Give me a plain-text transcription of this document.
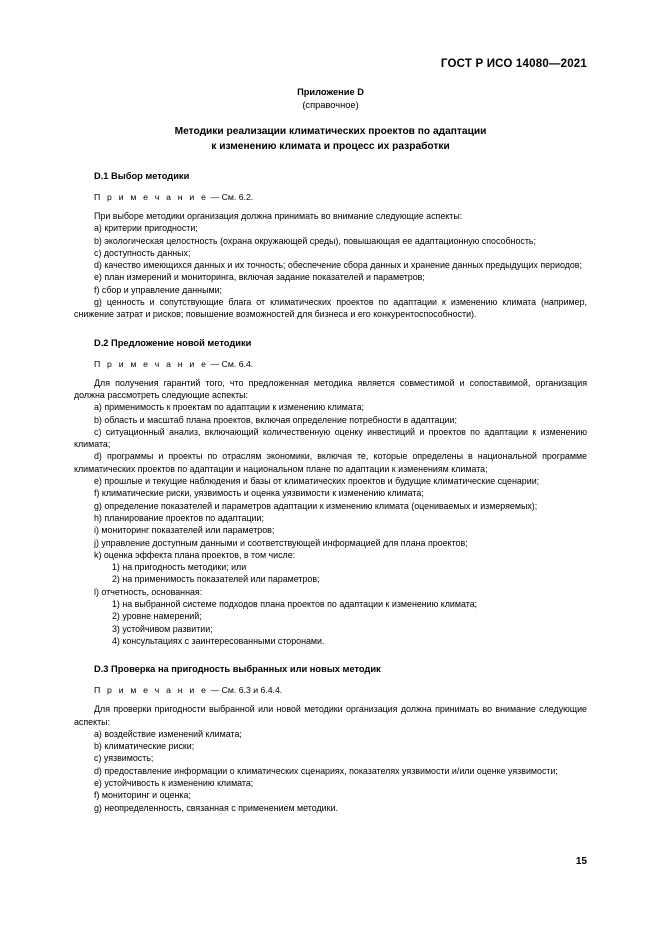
ГОСТ Р ИСО 14080—2021
Приложение D
(справочное)
Методики реализации климатических проектов по адаптации
к изменению климата и процесс их разработки
D.1 Выбор методики
П р и м е ч а н и е — См. 6.2.

При выборе методики организация должна принимать во внимание следующие аспекты:

a) критерии пригодности;

b) экологическая целостность (охрана окружающей среды), повышающая ее адаптационную способность;

c) доступность данных;

d) качество имеющихся данных и их точность; обеспечение сбора данных и хранение данных предыдущих периодов;

e) план измерений и мониторинга, включая задание показателей и параметров;

f) сбор и управление данными;

g) ценность и сопутствующие блага от климатических проектов по адаптации к изменению климата (например, снижение затрат и рисков; повышение возможностей для бизнеса и его конкурентоспособности).

D.2 Предложение новой методики
П р и м е ч а н и е — См. 6.4.

Для получения гарантий того, что предложенная методика является совместимой и сопоставимой, организация должна рассмотреть следующие аспекты:

a) применимость к проектам по адаптации к изменению климата;

b) область и масштаб плана проектов, включая определение потребности в адаптации;

c) ситуационный анализ, включающий количественную оценку инвестиций и проектов по адаптации к изменению климата;

d) программы и проекты по отраслям экономики, включая те, которые определены в национальной программе климатических проектов по адаптации и национальном плане по адаптации к изменениям климата;

e) прошлые и текущие наблюдения и базы от климатических проектов и будущие климатические сценарии;

f) климатические риски, уязвимость и оценка уязвимости к изменению климата;

g) определение показателей и параметров адаптации к изменению климата (оцениваемых и измеряемых);

h) планирование проектов по адаптации;

i) мониторинг показателей или параметров;

j) управление доступным данными и соответствующей информацией для плана проектов;

k) оценка эффекта плана проектов, в том числе:

1) на пригодность методики; или

2) на применимость показателей или параметров;

l) отчетность, основанная:

1) на выбранной системе подходов плана проектов по адаптации к изменению климата;

2) уровне намерений;

3) устойчивом развитии;

4) консультациях с заинтересованными сторонами.

D.3 Проверка на пригодность выбранных или новых методик
П р и м е ч а н и е — См. 6.3 и 6.4.4.

Для проверки пригодности выбранной или новой методики организация должна принимать во внимание следующие аспекты:

a) воздействие изменений климата;

b) климатические риски;

c) уязвимость;

d) предоставление информации о климатических сценариях, показателях уязвимости и/или оценке уязвимости;

e) устойчивость к изменению климата;

f) мониторинг и оценка;

g) неопределенность, связанная с применением методики.

15
